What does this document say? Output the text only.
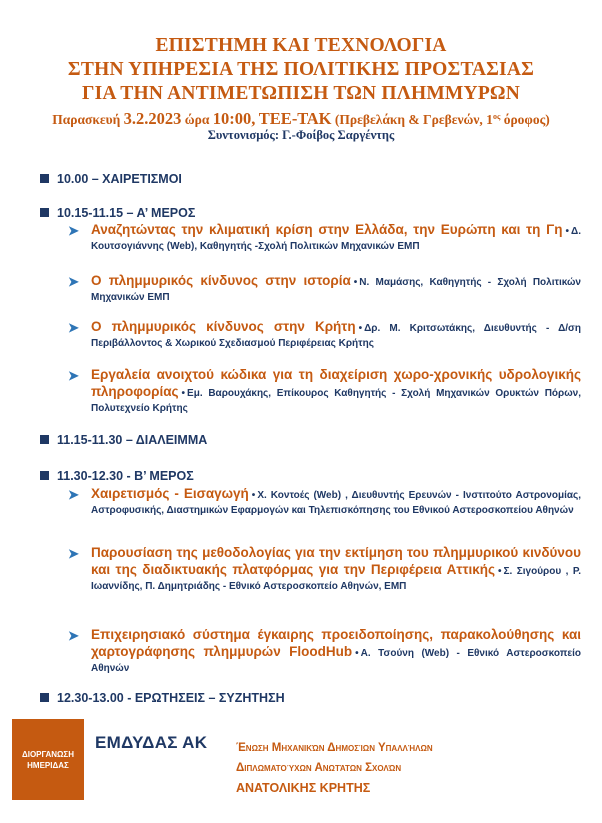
ΕΠΙΣΤΗΜΗ ΚΑΙ ΤΕΧΝΟΛΟΓΙΑ
ΣΤΗΝ ΥΠΗΡΕΣΙΑ ΤΗΣ ΠΟΛΙΤΙΚΗΣ ΠΡΟΣΤΑΣΙΑΣ
ΓΙΑ ΤΗΝ ΑΝΤΙΜΕΤΩΠΙΣΗ ΤΩΝ ΠΛΗΜΜΥΡΩΝ
Παρασκευή 3.2.2023 ώρα 10:00, ΤΕΕ-ΤΑΚ (Πρεβελάκη & Γρεβενών, $1^{o\varsigma}$ όροφος)
Συντονισμός: Γ.-Φοίβος Σαργέντης
10.00 – ΧΑΙΡΕΤΙΣΜΟΙ
10.15-11.15 – Α’ ΜΕΡΟΣ
➤ Αναζητώντας την κλιματική κρίση στην Ελλάδα, την Ευρώπη και τη Γη • Δ. Κουτσογιάννης (Web), Καθηγητής -Σχολή Πολιτικών Μηχανικών ΕΜΠ
➤ Ο πλημμυρικός κίνδυνος στην ιστορία • Ν. Μαμάσης, Καθηγητής - Σχολή Πολιτικών Μηχανικών ΕΜΠ
➤ Ο πλημμυρικός κίνδυνος στην Κρήτη • Δρ. Μ. Κριτσωτάκης, Διευθυντής - Δ/ση Περιβάλλοντος & Χωρικού Σχεδιασμού Περιφέρειας Κρήτης
➤ Εργαλεία ανοιχτού κώδικα για τη διαχείριση χωρο-χρονικής υδρολογικής πληροφορίας • Εμ. Βαρουχάκης, Επίκουρος Καθηγητής - Σχολή Μηχανικών Ορυκτών Πόρων, Πολυτεχνείο Κρήτης
11.15-11.30 – ΔΙΑΛΕΙΜΜΑ
11.30-12.30 - Β’ ΜΕΡΟΣ
➤ Χαιρετισμός - Εισαγωγή • Χ. Κοντοές (Web) , Διευθυντής Ερευνών - Ινστιτούτο Αστρονομίας, Αστροφυσικής, Διαστημικών Εφαρμογών και Τηλεπισκόπησης του Εθνικού Αστεροσκοπείου Αθηνών
➤ Παρουσίαση της μεθοδολογίας για την εκτίμηση του πλημμυρικού κινδύνου και της διαδικτυακής πλατφόρμας για την Περιφέρεια Αττικής • Σ. Σιγούρου , Ρ. Ιωαννίδης, Π. Δημητριάδης - Εθνικό Αστεροσκοπείο Αθηνών, ΕΜΠ
➤ Επιχειρησιακό σύστημα έγκαιρης προειδοποίησης, παρακολούθησης και χαρτογράφησης πλημμυρών FloodHub • Α. Τσούνη (Web) - Εθνικό Αστεροσκοπείο Αθηνών
12.30-13.00 - ΕΡΩΤΗΣΕΙΣ – ΣΥΖΗΤΗΣΗ
ΔΙΟΡΓΑΝΩΣΗ
ΗΜΕΡΙΔΑΣ
ΕΜΔΥΔΑΣ ΑΚ Ένωση Μηχανικών Δημοσίων Υπαλλήλων
Διπλωματούχων Ανωτάτων Σχολών
ΑΝΑΤΟΛΙΚΗΣ ΚΡΗΤΗΣ
